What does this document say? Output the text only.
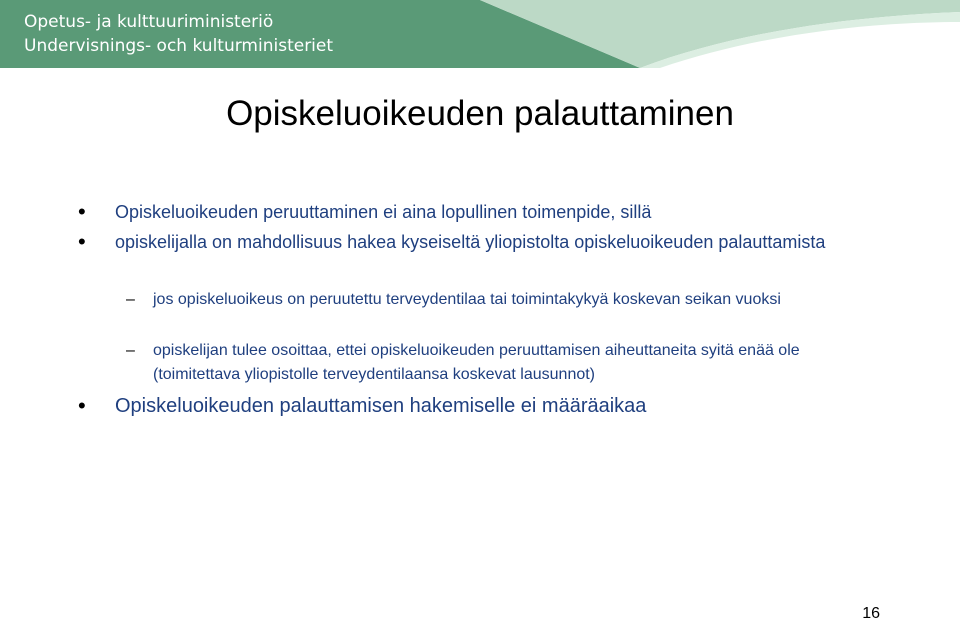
Opetus- ja kulttuuriministeriö
Undervisnings- och kulturministeriet
Opiskeluoikeuden palauttaminen
• Opiskeluoikeuden peruuttaminen ei aina lopullinen toimenpide, sillä
• opiskelijalla on mahdollisuus hakea kyseiseltä yliopistolta opiskeluoikeuden palauttamista
– jos opiskeluoikeus on peruutettu terveydentilaa tai toimintakykyä koskevan seikan vuoksi
– opiskelijan tulee osoittaa, ettei opiskeluoikeuden peruuttamisen aiheuttaneita syitä enää ole (toimitettava yliopistolle terveydentilaansa koskevat lausunnot)
• Opiskeluoikeuden palauttamisen hakemiselle ei määräaikaa
16
